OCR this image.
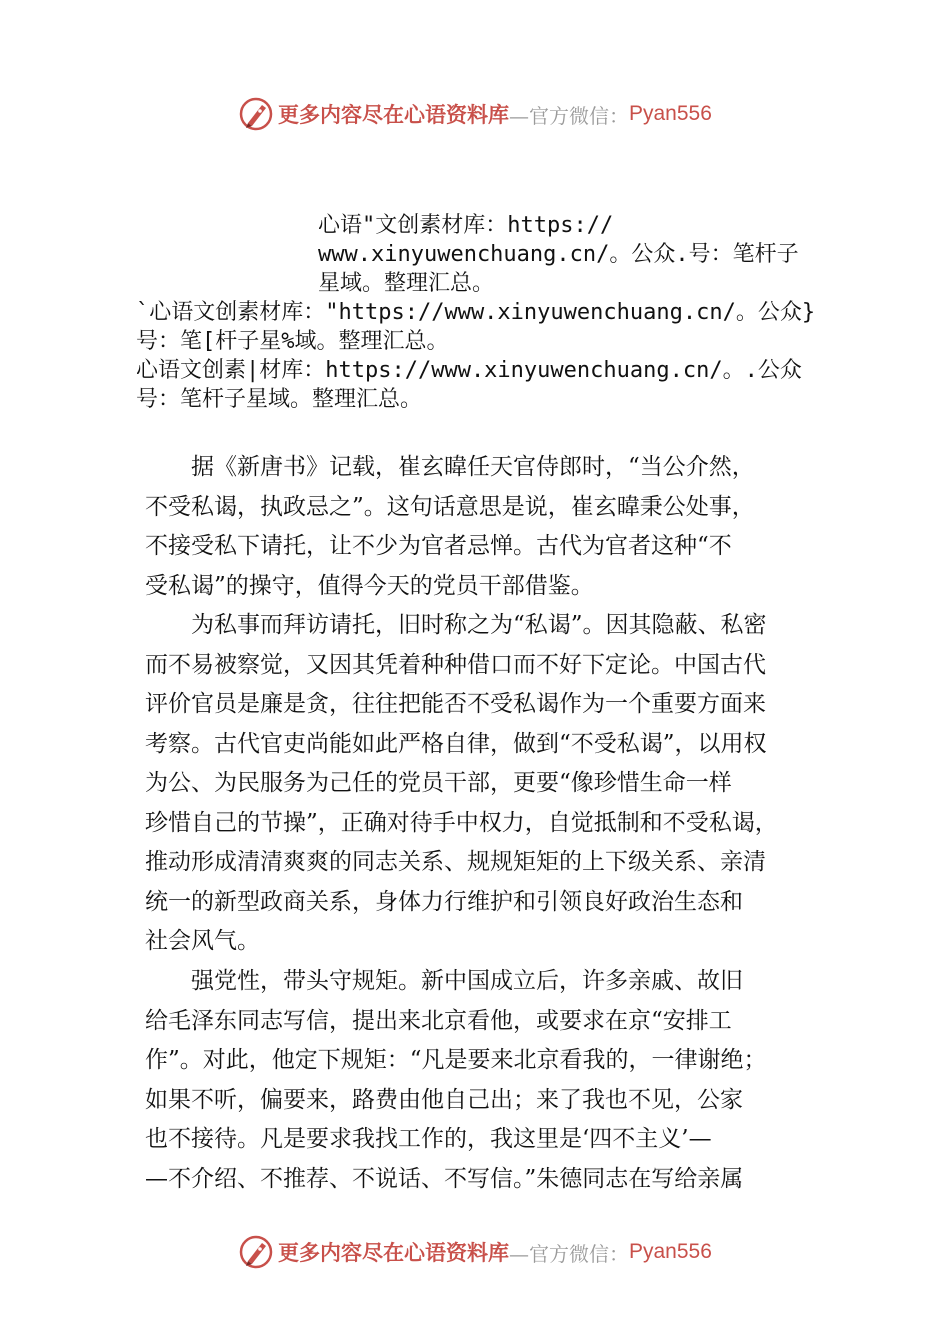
更多内容尽在心语资料库 —官方微信： Pyan556
心语"文创素材库：https://
www.xinyuwenchuang.cn/。公众.号：笔杆子
星域。整理汇总。
`心语文创素材库："https://www.xinyuwenchuang.cn/。公众}
号：笔[杆子星%域。整理汇总。
心语文创素|材库：https://www.xinyuwenchuang.cn/。.公众
号：笔杆子星域。整理汇总。
　　据《新唐书》记载，崔玄暐任天官侍郎时，“当公介然，
不受私谒，执政忌之”。这句话意思是说，崔玄暐秉公处事，
不接受私下请托，让不少为官者忌惮。古代为官者这种“不
受私谒”的操守，值得今天的党员干部借鉴。
　　为私事而拜访请托，旧时称之为“私谒”。因其隐蔽、私密
而不易被察觉，又因其凭着种种借口而不好下定论。中国古代
评价官员是廉是贪，往往把能否不受私谒作为一个重要方面来
考察。古代官吏尚能如此严格自律，做到“不受私谒”，以用权
为公、为民服务为己任的党员干部，更要“像珍惜生命一样
珍惜自己的节操”，正确对待手中权力，自觉抵制和不受私谒，
推动形成清清爽爽的同志关系、规规矩矩的上下级关系、亲清
统一的新型政商关系，身体力行维护和引领良好政治生态和
社会风气。
　　强党性，带头守规矩。新中国成立后，许多亲戚、故旧
给毛泽东同志写信，提出来北京看他，或要求在京“安排工
作”。对此，他定下规矩：“凡是要来北京看我的，一律谢绝；
如果不听，偏要来，路费由他自己出；来了我也不见，公家
也不接待。凡是要求我找工作的，我这里是‘四不主义’—
—不介绍、不推荐、不说话、不写信。”朱德同志在写给亲属
更多内容尽在心语资料库 —官方微信： Pyan556
